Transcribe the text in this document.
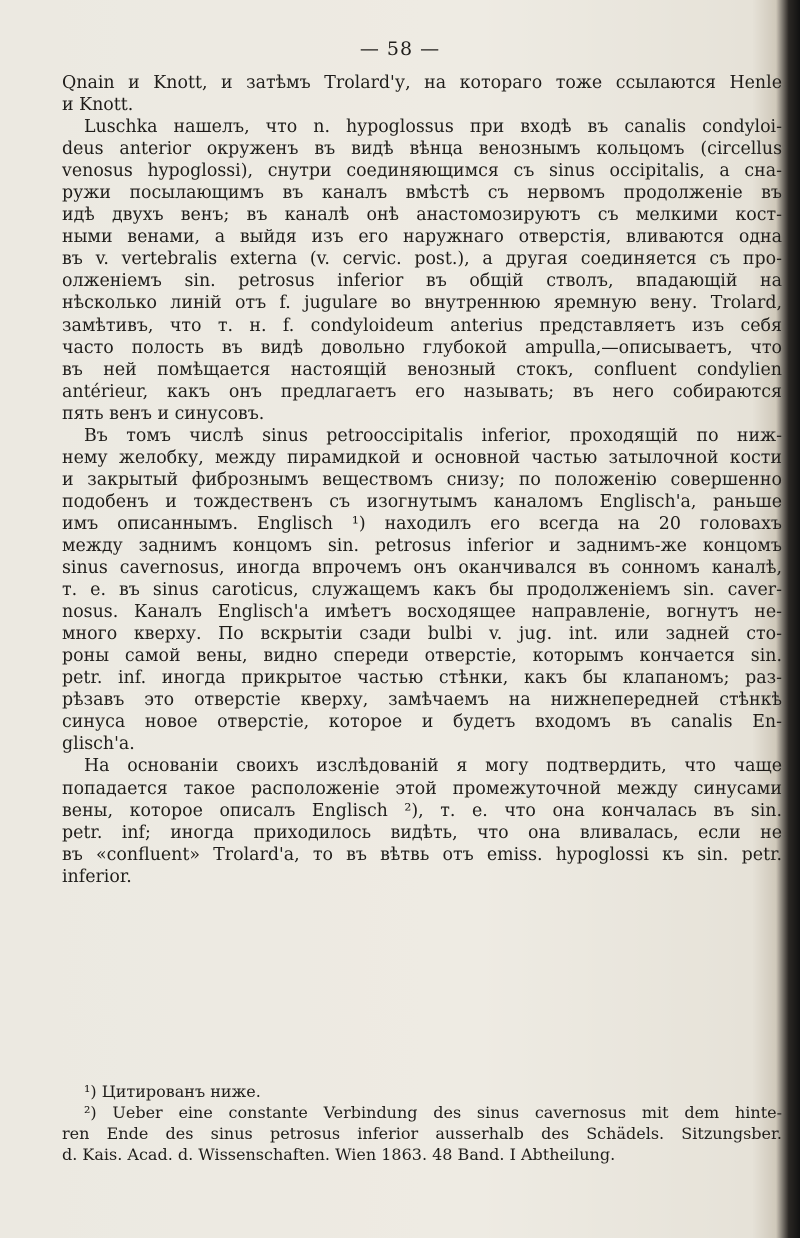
— 58 —

Qnain и Knott, и затѣмъ Trolard'у, на котораго тоже ссылаются Henle
и Knott.

Luschka нашелъ, что n. hypoglossus при входѣ въ canalis condyloi-
deus anterior окруженъ въ видѣ вѣнца венознымъ кольцомъ (circellus
venosus hypoglossi), снутри соединяющимся съ sinus occipitalis, а сна-
ружи посылающимъ въ каналъ вмѣстѣ съ нервомъ продолженіе въ
идѣ двухъ венъ; въ каналѣ онѣ анастомозируютъ съ мелкими кост-
ными венами, а выйдя изъ его наружнаго отверстія, вливаются одна
въ v. vertebralis externa (v. cervic. post.), а другая соединяется съ про-
олженіемъ sin. petrosus inferior въ общій стволъ, впадающій на
нѣсколько линій отъ f. jugulare во внутреннюю яремную вену. Trolard,
замѣтивъ, что т. н. f. condyloideum anterius представляетъ изъ себя
часто полость въ видѣ довольно глубокой ampulla,—описываетъ, что
въ ней помѣщается настоящій венозный стокъ, confluent condylien
antérieur, какъ онъ предлагаетъ его называть; въ него собираются
пять венъ и синусовъ.

Въ томъ числѣ sinus petrooccipitalis inferior, проходящій по ниж-
нему желобку, между пирамидкой и основной частью затылочной кости
и закрытый фибрознымъ веществомъ снизу; по положенію совершенно
подобенъ и тождественъ съ изогнутымъ каналомъ Englisch'а, раньше
имъ описаннымъ. Englisch ¹) находилъ его всегда на 20 головахъ
между заднимъ концомъ sin. petrosus inferior и заднимъ-же концомъ
sinus cavernosus, иногда впрочемъ онъ оканчивался въ сонномъ каналѣ,
т. е. въ sinus caroticus, служащемъ какъ бы продолженіемъ sin. caver-
nosus. Каналъ Englisch'а имѣетъ восходящее направленіе, вогнутъ не-
много кверху. По вскрытіи сзади bulbi v. jug. int. или задней сто-
роны самой вены, видно спереди отверстіе, которымъ кончается sin.
petr. inf. иногда прикрытое частью стѣнки, какъ бы клапаномъ; раз-
рѣзавъ это отверстіе кверху, замѣчаемъ на нижнепередней стѣнкѣ
синуса новое отверстіе, которое и будетъ входомъ въ canalis En-
glisch'а.

На основаніи своихъ изслѣдованій я могу подтвердить, что чаще
попадается такое расположеніе этой промежуточной между синусами
вены, которое описалъ Englisch ²), т. е. что она кончалась въ sin.
petr. inf; иногда приходилось видѣть, что она вливалась, если не
въ «confluent» Trolard'а, то въ вѣтвь отъ emiss. hypoglossi къ sin. petr.
inferior.

¹) Цитированъ ниже.
²) Ueber eine constante Verbindung des sinus cavernosus mit dem hinte-
ren Ende des sinus petrosus inferior ausserhalb des Schädels. Sitzungsber.
d. Kais. Acad. d. Wissenschaften. Wien 1863. 48 Band. I Abtheilung.
